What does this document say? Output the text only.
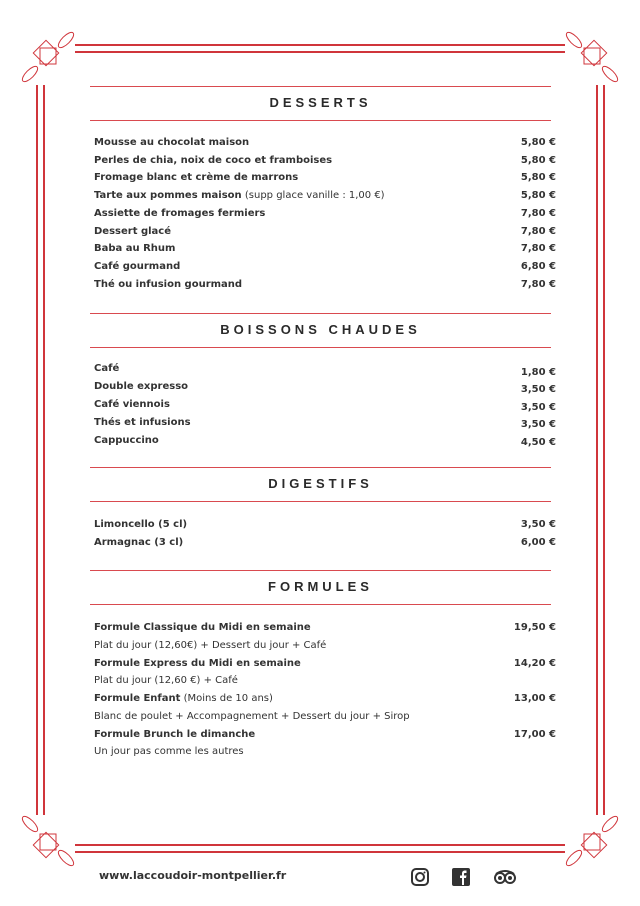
DESSERTS
Mousse au chocolat maison	5,80 €
Perles de chia, noix de coco et framboises	5,80 €
Fromage blanc et crème de marrons	5,80 €
Tarte aux pommes maison (supp glace vanille : 1,00 €)	5,80 €
Assiette de fromages fermiers	7,80 €
Dessert glacé	7,80 €
Baba au Rhum	7,80 €
Café gourmand	6,80 €
Thé ou infusion gourmand	7,80 €
BOISSONS CHAUDES
Café	1,80 €
Double expresso	3,50 €
Café viennois	3,50 €
Thés et infusions	3,50 €
Cappuccino	4,50 €
DIGESTIFS
Limoncello (5 cl)	3,50 €
Armagnac (3 cl)	6,00 €
FORMULES
Formule Classique du Midi en semaine	19,50 €
Plat du jour (12,60€) + Dessert du jour + Café
Formule Express du Midi en semaine	14,20 €
Plat du jour (12,60 €) + Café
Formule Enfant (Moins de 10 ans)	13,00 €
Blanc de poulet + Accompagnement + Dessert du jour + Sirop
Formule Brunch le dimanche	17,00 €
Un jour pas comme les autres
www.laccoudoir-montpellier.fr
